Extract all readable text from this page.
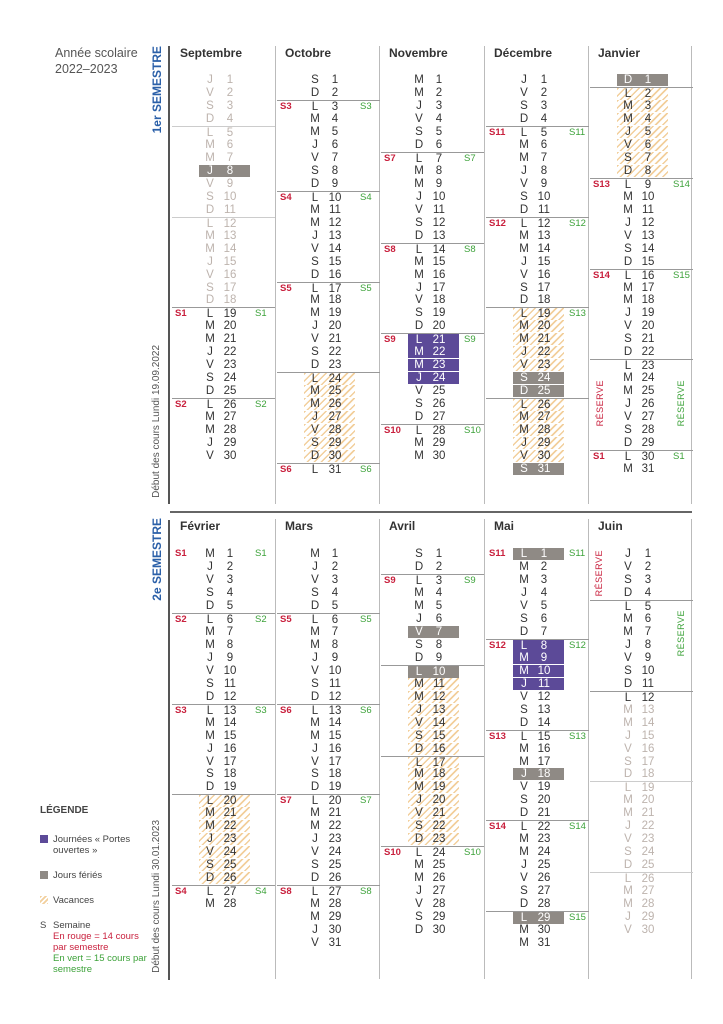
Année scolaire
2022–2023	1er SEMESTRE
Début des cours Lundi 19.09.2022
2e SEMESTRE
Début des cours Lundi 30.01.2023
Septembre
J	1
V	2
S	3
D	4
L	5
M	6
M	7
J	8
V	9
S 10
D 11
L 12
M 13
M 14
J 15
V 16
S 17
D 18
S1 L 19	S1
M 20
M 21
J 22
V 23
S 24
D 25
S2 L 26	S2
M 27
M 28
J 29
V 30
Octobre
S	1
D	2
S3 L	3	S3
M	4
M	5
J	6
V	7
S	8
D	9
S4 L 10	S4
M 11
M 12
J 13
V 14
S 15
D 16
S5 L 17	S5
M 18
M 19
J 20
V 21
S 22
D 23
L 24
M 25
M 26
J 27
V 28
S 29
D 30
S6 L 31	S6
Novembre
M	1
M	2
J	3
V	4
S	5
D	6
S7 L	7	S7
M	8
M	9
J 10
V 11
S 12
D 13
S8 L 14	S8
M 15
M 16
J 17
V 18
S 19
D 20
S9 L 21	S9
M 22
M 23
J 24
V 25
S 26
D 27
S10 L 28	S10
M 29
M 30
Décembre
J	1
V	2
S	3
D	4
S11 L	5	S11
M	6
M	7
J	8
V	9
S 10
D 11
S12 L 12	S12
M 13
M 14
J 15
V 16
S 17
D 18
L 19	S13
M 20
M 21
J 22
V 23
S 24
D 25
L 26
M 27
M 28
J 29
V 30
S 31
Janvier
D	1
L	2
M	3
M	4
J	5
V	6
S	7
D	8
S13 L	9	S14
M 10
M 11
J 12
V 13
S 14
D 15
S14 L 16	S15
M 17
M 18
J 19
V 20
S 21
D 22
L 23
M 24
M 25
J 26
V 27
S 28
D 29
S1 L 30	S1
M 31
Février
S1 M	1	S1
J	2
V	3
S	4
D	5
S2 L	6	S2
M	7
M	8
J	9
V 10
S 11
D 12
S3 L 13	S3
M 14
M 15
J 16
V 17
S 18
D 19
L 20
M 21
M 22
J 23
V 24
S 25
D 26
S4 L 27	S4
M 28
Mars
M	1
J	2
V	3
S	4
D	5
S5 L	6	S5
M	7
M	8
J	9
V 10
S 11
D 12
S6 L 13	S6
M 14
M 15
J 16
V 17
S 18
D 19
S7 L 20	S7
M 21
M 22
J 23
V 24
S 25
D 26
S8 L 27	S8
M 28
M 29
J 30
V 31
Avril
S	1
D	2
S9 L	3	S9
M	4
M	5
J	6
V	7
S	8
D	9
L 10
M 11
M 12
J 13
V 14
S 15
D 16
L 17
M 18
M 19
J 20
V 21
S 22
D 23
S10 L 24	S10
M 25
M 26
J 27
V 28
S 29
D 30
Mai
S11 L	1	S11
M	2
M	3
J	4
V	5
S	6
D	7
S12 L	8	S12
M	9
M 10
J 11
V 12
S 13
D 14
S13 L 15	S13
M 16
M 17
J 18
V 19
S 20
D 21
S14 L 22	S14
M 23
M 24
J 25
V 26
S 27
D 28
L 29	S15
M 30
M 31
Juin
J	1
V	2
S	3
D	4
L	5
M	6
M	7
J	8
V	9
S 10
D 11
L 12
M 13
M 14
J 15
V 16
S 17
D 18
L 19
M 20
M 21
J 22
V 23
S 24
D 25
L 26
M 27
M 28
J 29
V 30
RÉSERVE	RÉSERVE
RÉSERVE
RÉSERVE
LÉGENDE
Journées « Portes ouvertes »
Jours fériés
Vacances
S Semaine
En rouge = 14 cours par semestre
En vert = 15 cours par semestre
